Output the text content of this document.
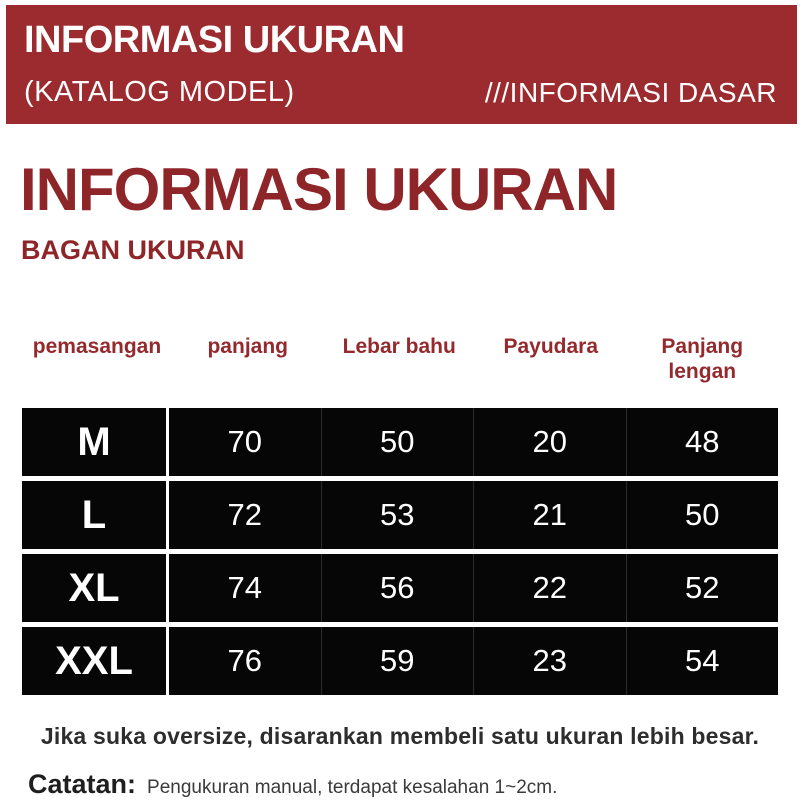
INFORMASI UKURAN
(KATALOG MODEL)	///INFORMASI DASAR
INFORMASI UKURAN
BAGAN UKURAN
pemasangan	panjang	Lebar bahu	Payudara	Panjang lengan
M	70	50	20	48
L	72	53	21	50
XL	74	56	22	52
XXL	76	59	23	54

Jika suka oversize, disarankan membeli satu ukuran lebih besar.

Catatan: Pengukuran manual, terdapat kesalahan 1~2cm.
